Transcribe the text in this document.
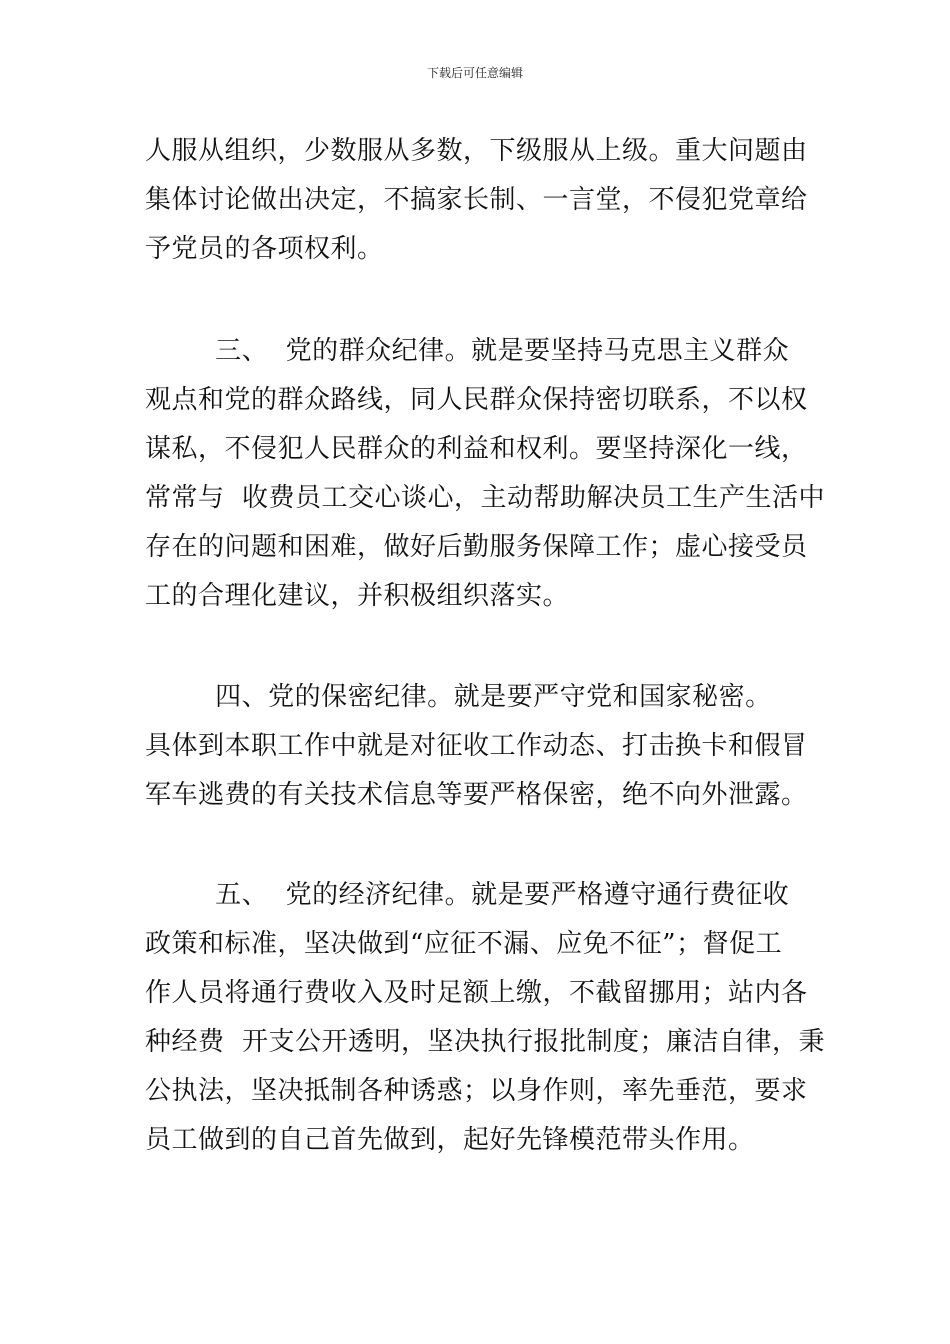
下载后可任意编辑
人服从组织，少数服从多数，下级服从上级。重大问题由
集体讨论做出决定，不搞家长制、一言堂，不侵犯党章给
予党员的各项权利。
三、  党的群众纪律。就是要坚持马克思主义群众
观点和党的群众路线，同人民群众保持密切联系，不以权
谋私，不侵犯人民群众的利益和权利。要坚持深化一线，
常常与  收费员工交心谈心，主动帮助解决员工生产生活中
存在的问题和困难，做好后勤服务保障工作；虚心接受员
工的合理化建议，并积极组织落实。
四、党的保密纪律。就是要严守党和国家秘密。
具体到本职工作中就是对征收工作动态、打击换卡和假冒
军车逃费的有关技术信息等要严格保密，绝不向外泄露。
五、  党的经济纪律。就是要严格遵守通行费征收
政策和标准，坚决做到“应征不漏、应免不征”；督促工
作人员将通行费收入及时足额上缴，不截留挪用；站内各
种经费  开支公开透明，坚决执行报批制度；廉洁自律，秉
公执法，坚决抵制各种诱惑；以身作则，率先垂范，要求
员工做到的自己首先做到，起好先锋模范带头作用。
